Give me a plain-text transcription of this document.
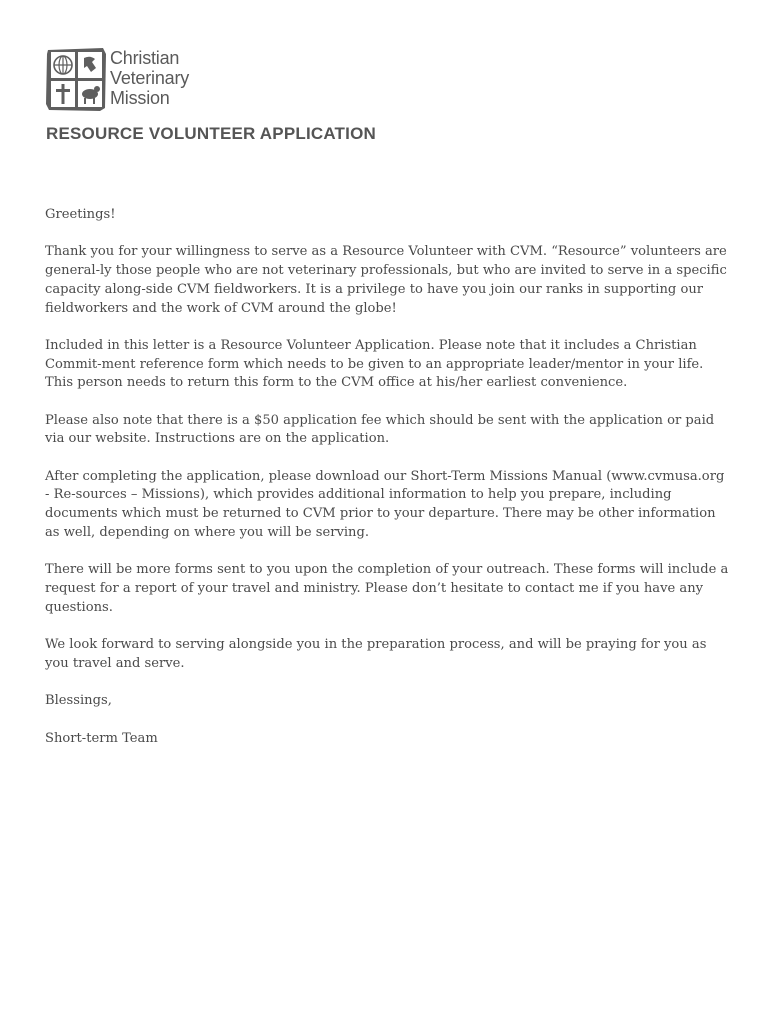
Christian
Veterinary
Mission
RESOURCE VOLUNTEER APPLICATION

Greetings!

Thank you for your willingness to serve as a Resource Volunteer with CVM. “Resource” volunteers are general-ly those people who are not veterinary professionals, but who are invited to serve in a specific capacity along-side CVM fieldworkers. It is a privilege to have you join our ranks in supporting our fieldworkers and the work of CVM around the globe!

Included in this letter is a Resource Volunteer Application. Please note that it includes a Christian Commit-ment reference form which needs to be given to an appropriate leader/mentor in your life. This person needs to return this form to the CVM office at his/her earliest convenience.

Please also note that there is a $50 application fee which should be sent with the application or paid via our website. Instructions are on the application.

After completing the application, please download our Short-Term Missions Manual (www.cvmusa.org - Re-sources – Missions), which provides additional information to help you prepare, including documents which must be returned to CVM prior to your departure. There may be other information as well, depending on where you will be serving.

There will be more forms sent to you upon the completion of your outreach. These forms will include a request for a report of your travel and ministry. Please don’t hesitate to contact me if you have any questions.

We look forward to serving alongside you in the preparation process, and will be praying for you as you travel and serve.

Blessings,

Short-term Team
